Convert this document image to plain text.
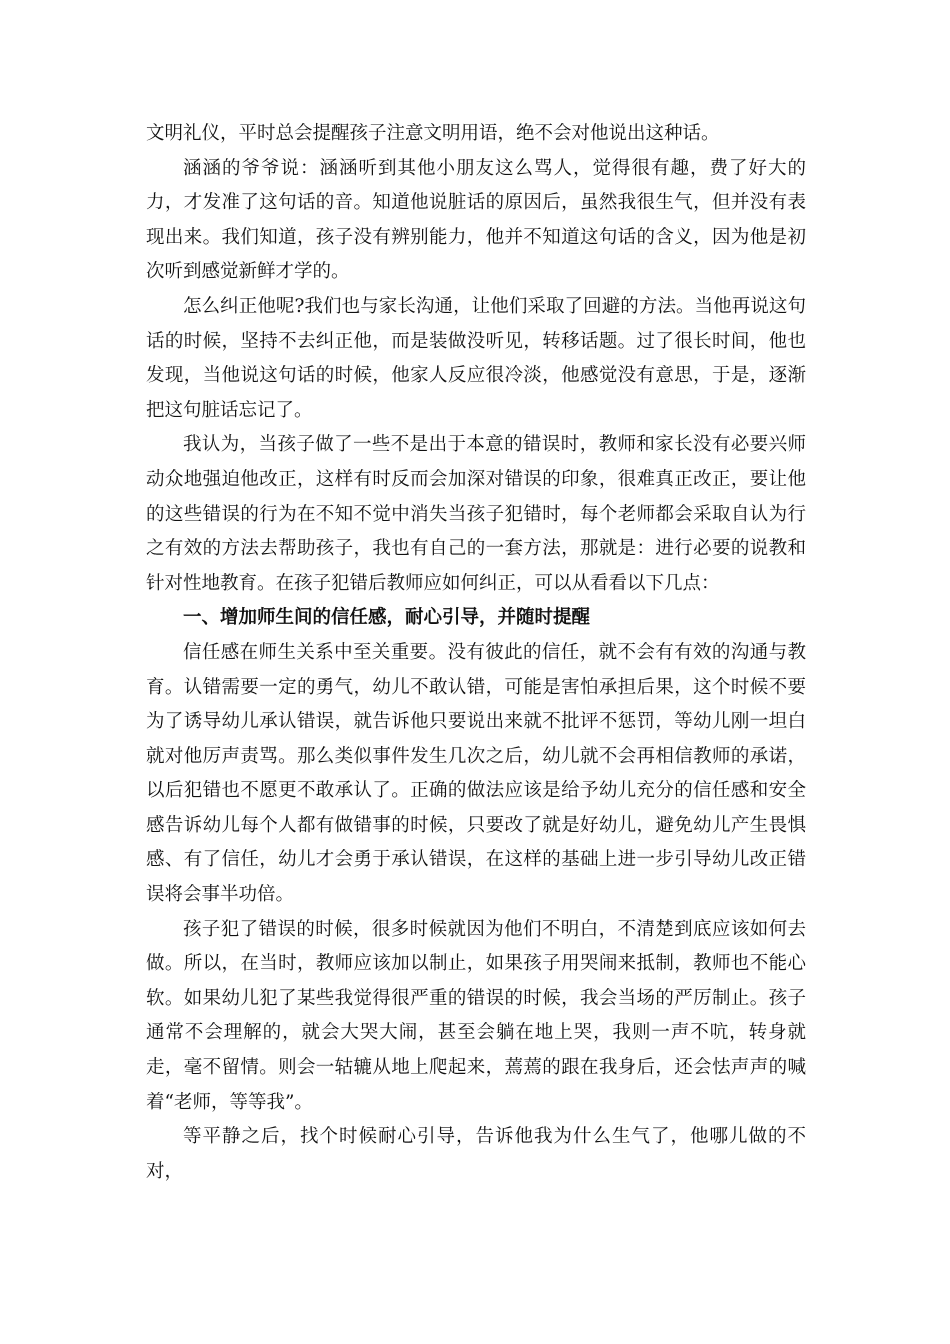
文明礼仪，平时总会提醒孩子注意文明用语，绝不会对他说出这种话。

涵涵的爷爷说：涵涵听到其他小朋友这么骂人，觉得很有趣，费了好大的力，才发准了这句话的音。知道他说脏话的原因后，虽然我很生气，但并没有表现出来。我们知道，孩子没有辨别能力，他并不知道这句话的含义，因为他是初次听到感觉新鲜才学的。

怎么纠正他呢?我们也与家长沟通，让他们采取了回避的方法。当他再说这句话的时候，坚持不去纠正他，而是装做没听见，转移话题。过了很长时间，他也发现，当他说这句话的时候，他家人反应很冷淡，他感觉没有意思，于是，逐渐把这句脏话忘记了。

我认为，当孩子做了一些不是出于本意的错误时，教师和家长没有必要兴师动众地强迫他改正，这样有时反而会加深对错误的印象，很难真正改正，要让他的这些错误的行为在不知不觉中消失当孩子犯错时，每个老师都会采取自认为行之有效的方法去帮助孩子，我也有自己的一套方法，那就是：进行必要的说教和针对性地教育。在孩子犯错后教师应如何纠正，可以从看看以下几点：

一、增加师生间的信任感，耐心引导，并随时提醒

信任感在师生关系中至关重要。没有彼此的信任，就不会有有效的沟通与教育。认错需要一定的勇气，幼儿不敢认错，可能是害怕承担后果，这个时候不要为了诱导幼儿承认错误，就告诉他只要说出来就不批评不惩罚，等幼儿刚一坦白就对他厉声责骂。那么类似事件发生几次之后，幼儿就不会再相信教师的承诺，以后犯错也不愿更不敢承认了。正确的做法应该是给予幼儿充分的信任感和安全感告诉幼儿每个人都有做错事的时候，只要改了就是好幼儿，避免幼儿产生畏惧感、有了信任，幼儿才会勇于承认错误，在这样的基础上进一步引导幼儿改正错误将会事半功倍。

孩子犯了错误的时候，很多时候就因为他们不明白，不清楚到底应该如何去做。所以，在当时，教师应该加以制止，如果孩子用哭闹来抵制，教师也不能心软。如果幼儿犯了某些我觉得很严重的错误的时候，我会当场的严厉制止。孩子通常不会理解的，就会大哭大闹，甚至会躺在地上哭，我则一声不吭，转身就走，毫不留情。则会一轱辘从地上爬起来，蔫蔫的跟在我身后，还会怯声声的喊着“老师，等等我”。

等平静之后，找个时候耐心引导，告诉他我为什么生气了，他哪儿做的不对，
